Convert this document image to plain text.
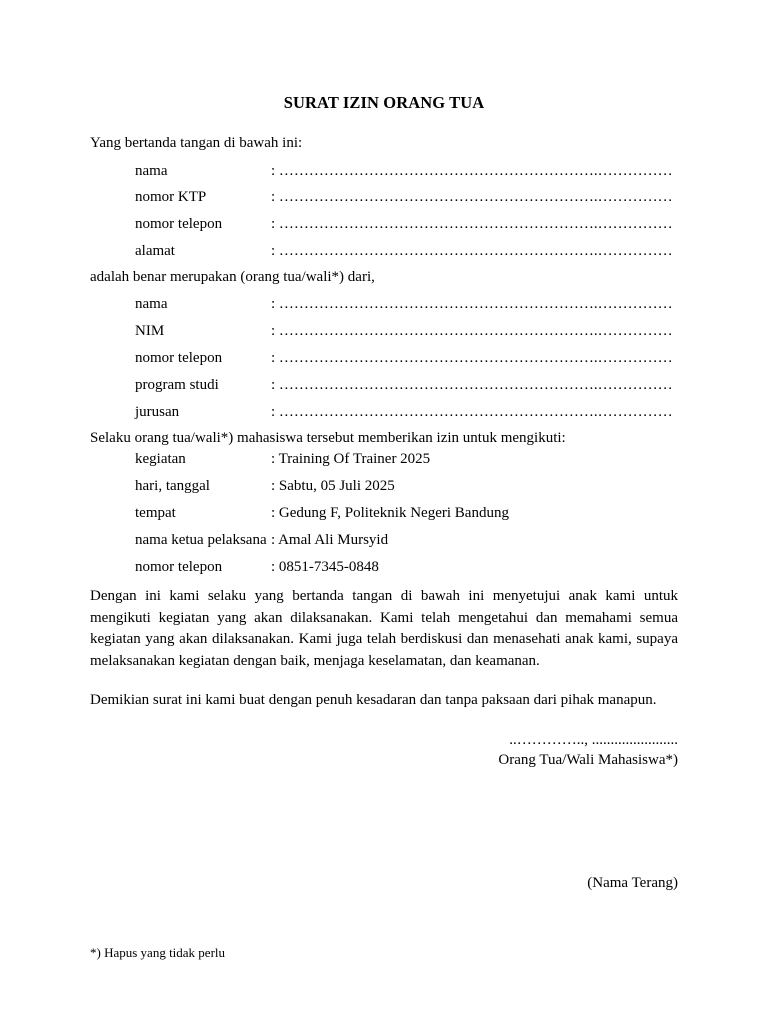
SURAT IZIN ORANG TUA
Yang bertanda tangan di bawah ini:
nama	: ……………………………………………………….……………
nomor KTP	: ……………………………………………………….……………
nomor telepon	: ……………………………………………………….……………
alamat	: ……………………………………………………….……………
adalah benar merupakan (orang tua/wali*) dari,
nama	: ……………………………………………………….……………
NIM	: ……………………………………………………….……………
nomor telepon	: ……………………………………………………….……………
program studi	: ……………………………………………………….……………
jurusan	: ……………………………………………………….……………
Selaku orang tua/wali*) mahasiswa tersebut memberikan izin untuk mengikuti:
kegiatan	: Training Of Trainer 2025
hari, tanggal	: Sabtu, 05 Juli 2025
tempat	: Gedung F, Politeknik Negeri Bandung
nama ketua pelaksana : Amal Ali Mursyid
nomor telepon	: 0851-7345-0848
Dengan ini kami selaku yang bertanda tangan di bawah ini menyetujui anak kami untuk mengikuti kegiatan yang akan dilaksanakan. Kami telah mengetahui dan memahami semua kegiatan yang akan dilaksanakan. Kami juga telah berdiskusi dan menasehati anak kami, supaya melaksanakan kegiatan dengan baik, menjaga keselamatan, dan keamanan.
Demikian surat ini kami buat dengan penuh kesadaran dan tanpa paksaan dari pihak manapun.
..………….., .......................
Orang Tua/Wali Mahasiswa*)
(Nama Terang)
*) Hapus yang tidak perlu
